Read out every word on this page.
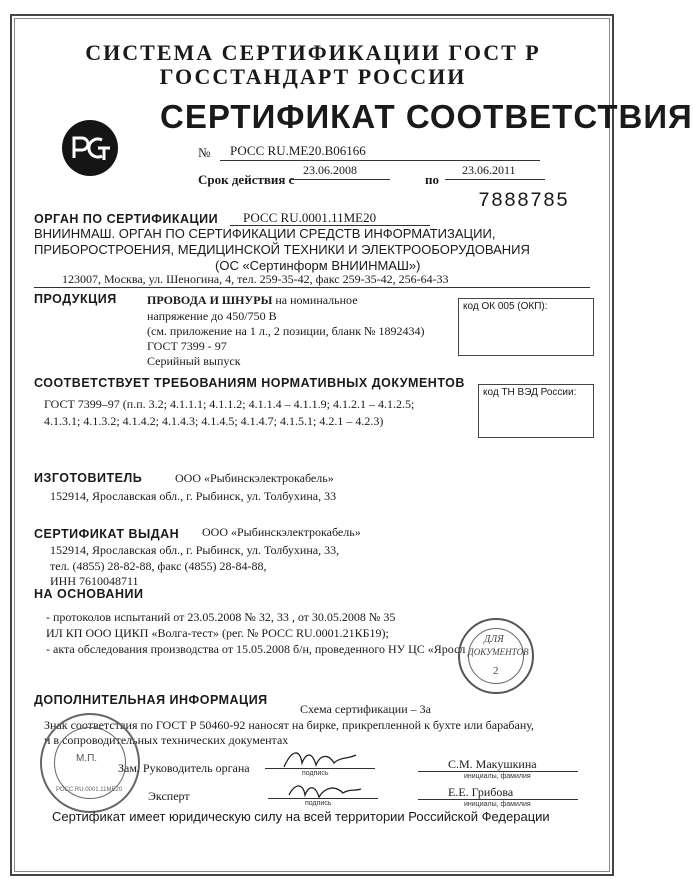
СИСТЕМА СЕРТИФИКАЦИИ ГОСТ Р
ГОССТАНДАРТ РОССИИ
СЕРТИФИКАТ СООТВЕТСТВИЯ
№ РОСС RU.МЕ20.В06166
Срок действия с
23.06.2008
по
23.06.2011
7888785
ОРГАН ПО СЕРТИФИКАЦИИ РОСС RU.0001.11МЕ20
ВНИИНМАШ. ОРГАН ПО СЕРТИФИКАЦИИ СРЕДСТВ ИНФОРМАТИЗАЦИИ,
ПРИБОРОСТРОЕНИЯ, МЕДИЦИНСКОЙ ТЕХНИКИ И ЭЛЕКТРООБОРУДОВАНИЯ
(ОС «Сертинформ ВНИИНМАШ»)
123007, Москва, ул. Шеногина, 4, тел. 259-35-42, факс 259-35-42, 256-64-33
ПРОДУКЦИЯ	ПРОВОДА И ШНУРЫ на номинальное
напряжение до 450/750 В
(см. приложение на 1 л., 2 позиции, бланк № 1892434)
ГОСТ 7399 - 97
Серийный выпуск
код ОК 005 (ОКП):
СООТВЕТСТВУЕТ ТРЕБОВАНИЯМ НОРМАТИВНЫХ ДОКУМЕНТОВ
ГОСТ 7399–97 (п.п. 3.2; 4.1.1.1; 4.1.1.2; 4.1.1.4 – 4.1.1.9; 4.1.2.1 – 4.1.2.5;
4.1.3.1; 4.1.3.2; 4.1.4.2; 4.1.4.3; 4.1.4.5; 4.1.4.7; 4.1.5.1; 4.2.1 – 4.2.3)
код ТН ВЭД России:
ИЗГОТОВИТЕЛЬ	ООО «Рыбинскэлектрокабель»
152914, Ярославская обл., г. Рыбинск, ул. Толбухина, 33
СЕРТИФИКАТ ВЫДАН ООО «Рыбинскэлектрокабель»
152914, Ярославская обл., г. Рыбинск, ул. Толбухина, 33,
тел. (4855) 28-82-88, факс (4855) 28-84-88,
ИНН 7610048711
НА ОСНОВАНИИ
- протоколов испытаний от 23.05.2008 № 32, 33 , от 30.05.2008 № 35
ИЛ КП ООО ЦИКП «Волга-тест» (рег. № РОСС RU.0001.21КБ19);
- акта обследования производства от 15.05.2008 б/н, проведенного НУ ЦС «Яросл
ДЛЯ
ДОКУМЕНТОВ
2
ДОПОЛНИТЕЛЬНАЯ ИНФОРМАЦИЯ
Схема сертификации – 3а
Знак соответствия по ГОСТ Р 50460-92 наносят на бирке, прикрепленной к бухте или барабану,
и в сопроводительных технических документах
М.П.
РОСС RU.0001.11МЕ20
Зам. Руководитель органа	подпись
С.М. Макушкина
инициалы, фамилия
Эксперт
подпись
Е.Е. Грибова
инициалы, фамилия
Сертификат имеет юридическую силу на всей территории Российской Федерации
